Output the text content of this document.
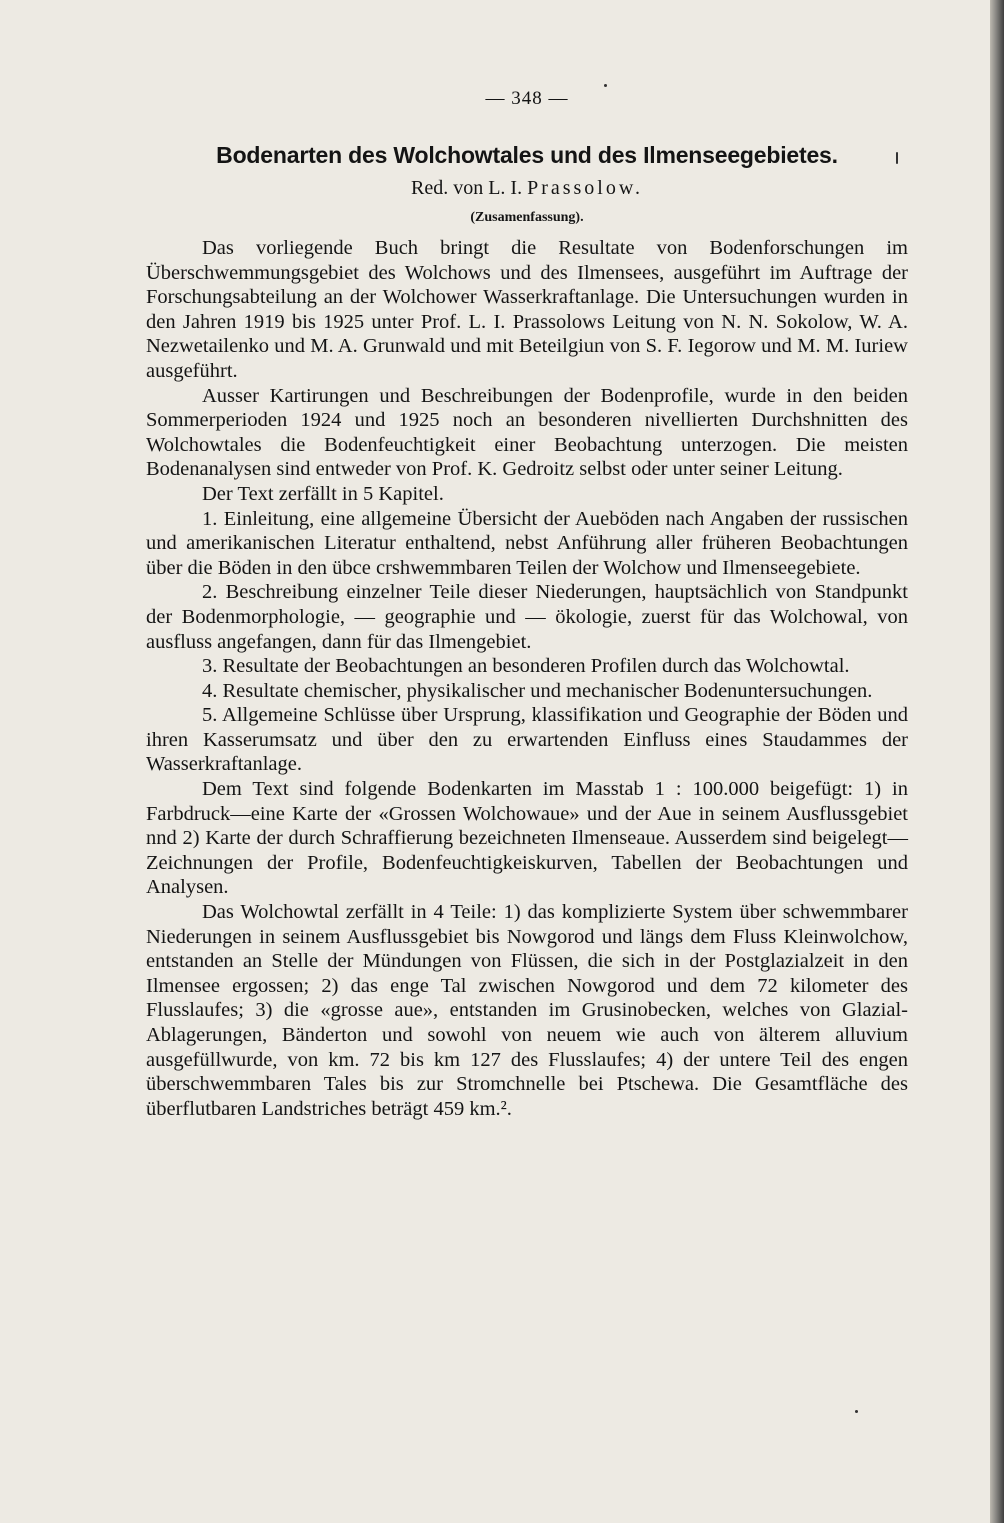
— 348 —

Bodenarten des Wolchowtales und des Ilmenseegebietes.

Red. von L. I. Prassolow.

(Zusamenfassung).

Das vorliegende Buch bringt die Resultate von Bodenforschungen im Überschwemmungsgebiet des Wolchows und des Ilmensees, ausgeführt im Auftrage der Forschungsabteilung an der Wolchower Wasserkraftanlage. Die Untersuchungen wurden in den Jahren 1919 bis 1925 unter Prof. L. I. Prassolows Leitung von N. N. Sokolow, W. A. Nezwetailenko und M. A. Grunwald und mit Beteilgiun von S. F. Iegorow und M. M. Iuriew ausgeführt.

Ausser Kartirungen und Beschreibungen der Bodenprofile, wurde in den beiden Sommerperioden 1924 und 1925 noch an besonderen nivellierten Durchshnitten des Wolchowtales die Bodenfeuchtigkeit einer Beobachtung unterzogen. Die meisten Bodenanalysen sind entweder von Prof. K. Gedroitz selbst oder unter seiner Leitung.

Der Text zerfällt in 5 Kapitel.

1. Einleitung, eine allgemeine Übersicht der Aueböden nach Angaben der russischen und amerikanischen Literatur enthaltend, nebst Anführung aller früheren Beobachtungen über die Böden in den übce crshwemmbaren Teilen der Wolchow und Ilmenseegebiete.

2. Beschreibung einzelner Teile dieser Niederungen, hauptsächlich von Standpunkt der Bodenmorphologie, — geographie und — ökologie, zuerst für das Wolchowal, von ausfluss angefangen, dann für das Ilmengebiet.

3. Resultate der Beobachtungen an besonderen Profilen durch das Wolchowtal.

4. Resultate chemischer, physikalischer und mechanischer Bodenuntersuchungen.

5. Allgemeine Schlüsse über Ursprung, klassifikation und Geographie der Böden und ihren Kasserumsatz und über den zu erwartenden Einfluss eines Staudammes der Wasserkraftanlage.

Dem Text sind folgende Bodenkarten im Masstab 1 : 100.000 beigefügt: 1) in Farbdruck—eine Karte der «Grossen Wolchowaue» und der Aue in seinem Ausflussgebiet nnd 2) Karte der durch Schraffierung bezeichneten Ilmenseaue. Ausserdem sind beigelegt—Zeichnungen der Profile, Bodenfeuchtigkeiskurven, Tabellen der Beobachtungen und Analysen.

Das Wolchowtal zerfällt in 4 Teile: 1) das komplizierte System über schwemmbarer Niederungen in seinem Ausflussgebiet bis Nowgorod und längs dem Fluss Kleinwolchow, entstanden an Stelle der Mündungen von Flüssen, die sich in der Postglazialzeit in den Ilmensee ergossen; 2) das enge Tal zwischen Nowgorod und dem 72 kilometer des Flusslaufes; 3) die «grosse aue», entstanden im Grusinobecken, welches von Glazial-Ablagerungen, Bänderton und sowohl von neuem wie auch von älterem alluvium ausgefüllwurde, von km. 72 bis km 127 des Flusslaufes; 4) der untere Teil des engen überschwemmbaren Tales bis zur Stromchnelle bei Ptschewa. Die Gesamtfläche des überflutbaren Landstriches beträgt 459 km.².
